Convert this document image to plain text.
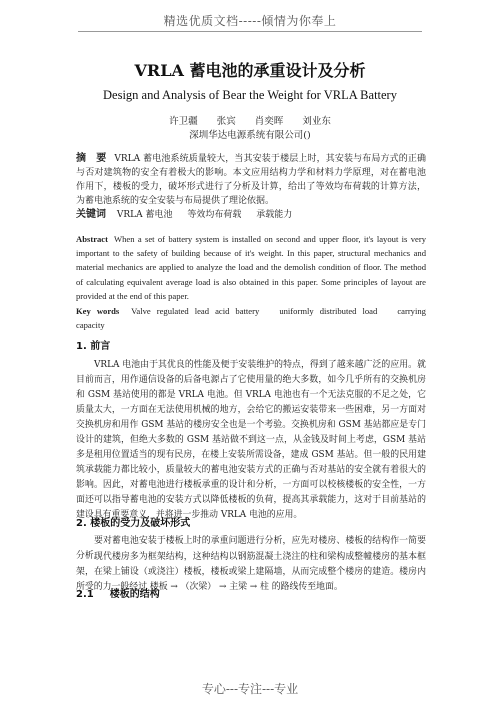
精选优质文档-----倾情为你奉上
VRLA 蓄电池的承重设计及分析
Design and Analysis of Bear the Weight for VRLA Battery
许卫疆 张宾 肖奕晖 刘业东
深圳华达电源系统有限公司()
摘　要 VRLA 蓄电池系统质量较大，当其安装于楼层上时，其安装与布局方式的正确与否对建筑物的安全有着极大的影响。本文应用结构力学和材料力学原理，对在蓄电池作用下，楼板的受力，破坏形式进行了分析及计算，给出了等效均布荷载的计算方法，为蓄电池系统的安全安装与布局提供了理论依据。
关键词 VRLA 蓄电池 等效均布荷载 承载能力
Abstract When a set of battery system is installed on second and upper floor, it's layout is very important to the safety of building because of it's weight. In this paper, structural mechanics and material mechanics are applied to analyze the load and the demolish condition of floor. The method of calculating equivalent average load is also obtained in this paper. Some principles of layout are provided at the end of this paper.
Key words Valve regulated lead acid battery uniformly distributed load carrying capacity
1. 前言
VRLA 电池由于其优良的性能及便于安装维护的特点，得到了越来越广泛的应用。就目前而言，用作通信设备的后备电源占了它使用量的绝大多数，如今几乎所有的交换机房和 GSM 基站使用的都是 VRLA 电池。但 VRLA 电池也有一个无法克服的不足之处，它质量太大，一方面在无法使用机械的地方，会给它的搬运安装带来一些困难，另一方面对交换机房和用作 GSM 基站的楼房安全也是一个考验。交换机房和 GSM 基站都应是专门设计的建筑，但绝大多数的 GSM 基站做不到这一点，从金钱及时间上考虑，GSM 基站多是租用位置适当的现有民房，在楼上安装所需设备，建成 GSM 基站。但一般的民用建筑承载能力都比较小，质量较大的蓄电池安装方式的正确与否对基站的安全就有着很大的影响。因此，对蓄电池进行楼板承重的设计和分析，一方面可以校核楼板的安全性，一方面还可以指导蓄电池的安装方式以降低楼板的负荷，提高其承载能力，这对于目前基站的建设具有重要意义，并将进一步推动 VRLA 电池的应用。
2. 楼板的受力及破坏形式
要对蓄电池安装于楼板上时的承重问题进行分析，应先对楼房、楼板的结构作一简要分析。
现代楼房多为框架结构，这种结构以钢筋混凝土浇注的柱和梁构成整幢楼房的基本框架，在梁上铺设（或浇注）楼板，楼板或梁上建隔墙，从而完成整个楼房的建造。楼房内所受的力一般经过 楼板 → （次梁） → 主梁 → 柱 的路线传至地面。
2.1 楼板的结构
专心---专注---专业
